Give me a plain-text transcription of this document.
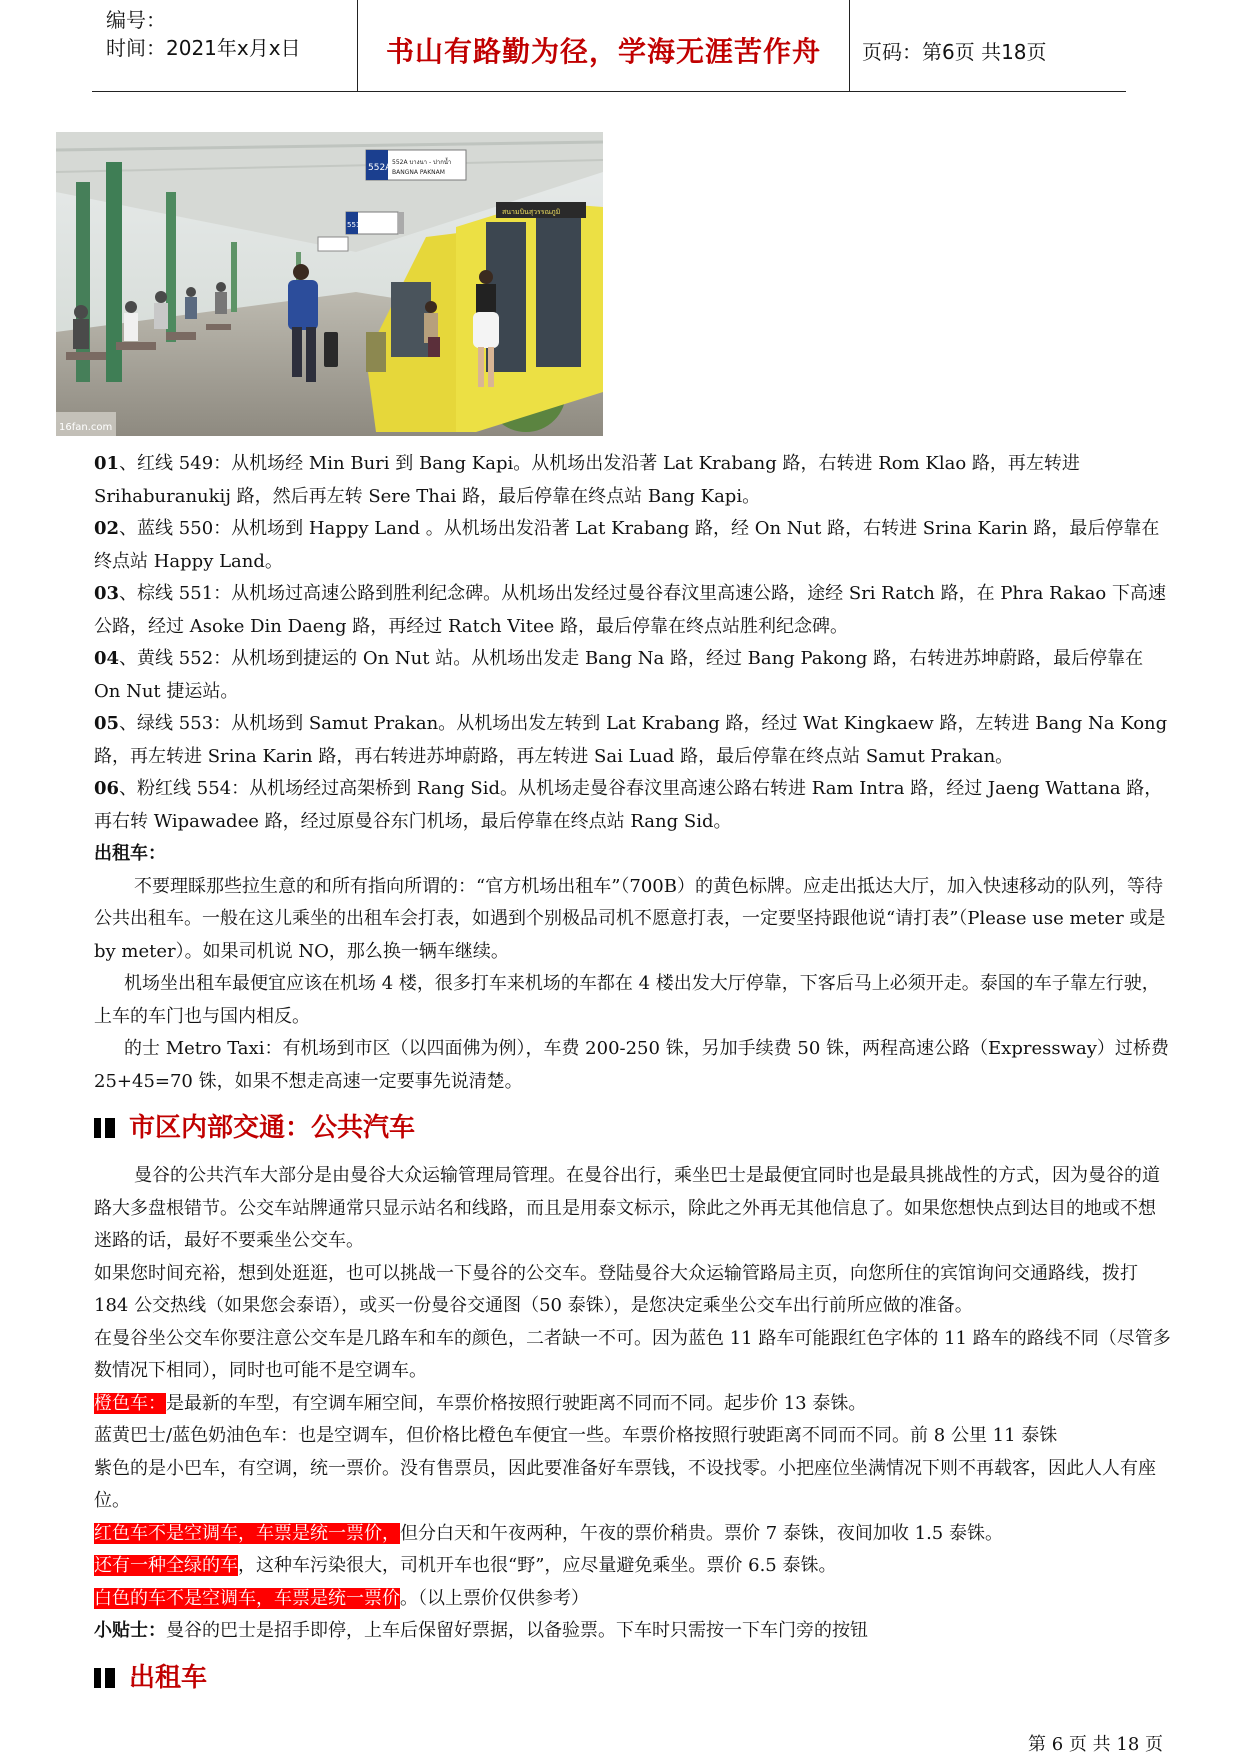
编号：
时间：2021年x月x日	书山有路勤为径，学海无涯苦作舟	页码：第6页 共18页
สนามบินสุวรรณภูมิ
552A
552A บางนา - ปากน้ำ
BANGNA PAKNAM
551
16fan.com

01、红线 549：从机场经 Min Buri 到 Bang Kapi。从机场出发沿著 Lat Krabang 路，右转进 Rom Klao 路，再左转进 Srihaburanukij 路，然后再左转 Sere Thai 路，最后停靠在终点站 Bang Kapi。

02、蓝线 550：从机场到 Happy Land 。从机场出发沿著 Lat Krabang 路，经 On Nut 路，右转进 Srina Karin 路，最后停靠在终点站 Happy Land。

03、棕线 551：从机场过高速公路到胜利纪念碑。从机场出发经过曼谷春汶里高速公路，途经 Sri Ratch 路，在 Phra Rakao 下高速公路，经过 Asoke Din Daeng 路，再经过 Ratch Vitee 路，最后停靠在终点站胜利纪念碑。

04、黄线 552：从机场到捷运的 On Nut 站。从机场出发走 Bang Na 路，经过 Bang Pakong 路，右转进苏坤蔚路，最后停靠在 On Nut 捷运站。

05、绿线 553：从机场到 Samut Prakan。从机场出发左转到 Lat Krabang 路，经过 Wat Kingkaew 路，左转进 Bang Na Kong 路，再左转进 Srina Karin 路，再右转进苏坤蔚路，再左转进 Sai Luad 路，最后停靠在终点站 Samut Prakan。

06、粉红线 554：从机场经过高架桥到 Rang Sid。从机场走曼谷春汶里高速公路右转进 Ram Intra 路，经过 Jaeng Wattana 路，再右转 Wipawadee 路，经过原曼谷东门机场，最后停靠在终点站 Rang Sid。

出租车：

不要理睬那些拉生意的和所有指向所谓的：“官方机场出租车”（700B）的黄色标牌。应走出抵达大厅，加入快速移动的队列，等待公共出租车。一般在这儿乘坐的出租车会打表，如遇到个别极品司机不愿意打表，一定要坚持跟他说“请打表”（Please use meter 或是 by meter）。如果司机说 NO，那么换一辆车继续。

机场坐出租车最便宜应该在机场 4 楼，很多打车来机场的车都在 4 楼出发大厅停靠，下客后马上必须开走。泰国的车子靠左行驶，上车的车门也与国内相反。

的士 Metro Taxi：有机场到市区（以四面佛为例），车费 200-250 铢，另加手续费 50 铢，两程高速公路（Expressway）过桥费 25+45=70 铢，如果不想走高速一定要事先说清楚。

市区内部交通：公共汽车

曼谷的公共汽车大部分是由曼谷大众运输管理局管理。在曼谷出行，乘坐巴士是最便宜同时也是最具挑战性的方式，因为曼谷的道路大多盘根错节。公交车站牌通常只显示站名和线路，而且是用泰文标示，除此之外再无其他信息了。如果您想快点到达目的地或不想迷路的话，最好不要乘坐公交车。

如果您时间充裕，想到处逛逛，也可以挑战一下曼谷的公交车。登陆曼谷大众运输管路局主页，向您所住的宾馆询问交通路线，拨打 184 公交热线（如果您会泰语），或买一份曼谷交通图（50 泰铢），是您决定乘坐公交车出行前所应做的准备。

在曼谷坐公交车你要注意公交车是几路车和车的颜色，二者缺一不可。因为蓝色 11 路车可能跟红色字体的 11 路车的路线不同（尽管多数情况下相同），同时也可能不是空调车。

橙色车：是最新的车型，有空调车厢空间，车票价格按照行驶距离不同而不同。起步价 13 泰铢。

蓝黄巴士/蓝色奶油色车：也是空调车，但价格比橙色车便宜一些。车票价格按照行驶距离不同而不同。前 8 公里 11 泰铢

紫色的是小巴车，有空调，统一票价。没有售票员，因此要准备好车票钱，不设找零。小把座位坐满情况下则不再载客，因此人人有座位。

红色车不是空调车，车票是统一票价，但分白天和午夜两种，午夜的票价稍贵。票价 7 泰铢，夜间加收 1.5 泰铢。

还有一种全绿的车，这种车污染很大，司机开车也很“野”，应尽量避免乘坐。票价 6.5 泰铢。

白色的车不是空调车，车票是统一票价。（以上票价仅供参考）

小贴士：曼谷的巴士是招手即停，上车后保留好票据，以备验票。下车时只需按一下车门旁的按钮

出租车
第 6 页 共 18 页
